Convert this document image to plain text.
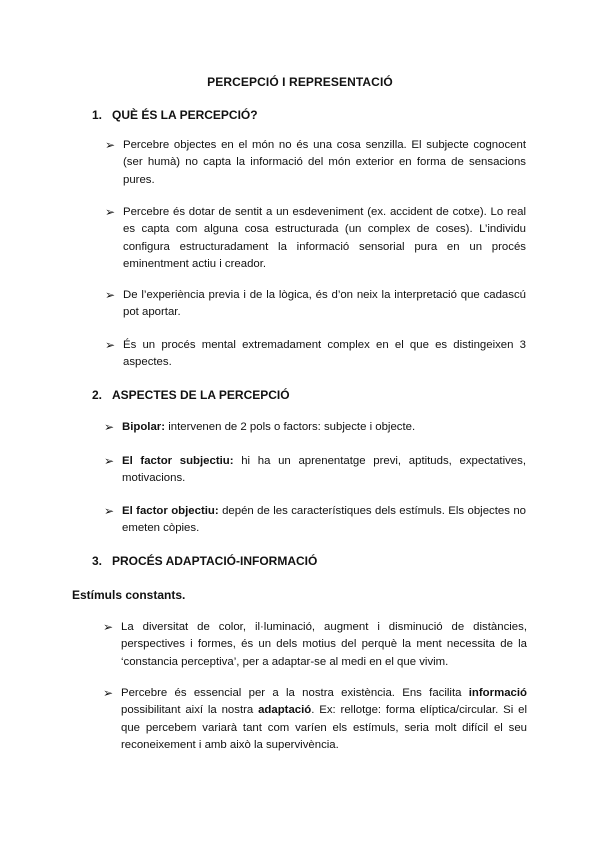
PERCEPCIÓ I REPRESENTACIÓ
1. QUÈ ÉS LA PERCEPCIÓ?
➢ Percebre objectes en el món no és una cosa senzilla. El subjecte cognocent (ser humà) no capta la informació del món exterior en forma de sensacions pures.
➢ Percebre és dotar de sentit a un esdeveniment (ex. accident de cotxe). Lo real es capta com alguna cosa estructurada (un complex de coses). L’individu configura estructuradament la informació sensorial pura en un procés eminentment actiu i creador.
➢ De l’experiència previa i de la lògica, és d’on neix la interpretació que cadascú pot aportar.
➢ És un procés mental extremadament complex en el que es distingeixen 3 aspectes.
2. ASPECTES DE LA PERCEPCIÓ
➢ Bipolar: intervenen de 2 pols o factors: subjecte i objecte.
➢ El factor subjectiu: hi ha un aprenentatge previ, aptituds, expectatives, motivacions.
➢ El factor objectiu: depén de les característiques dels estímuls. Els objectes no emeten còpies.
3. PROCÉS ADAPTACIÓ-INFORMACIÓ
Estímuls constants.
➢ La diversitat de color, il·luminació, augment i disminució de distàncies, perspectives i formes, és un dels motius del perquè la ment necessita de la ‘constancia perceptiva’, per a adaptar-se al medi en el que vivim.
➢ Percebre és essencial per a la nostra existència. Ens facilita informació possibilitant així la nostra adaptació. Ex: rellotge: forma elíptica/circular. Si el que percebem variarà tant com varíen els estímuls, seria molt difícil el seu reconeixement i amb això la supervivència.
